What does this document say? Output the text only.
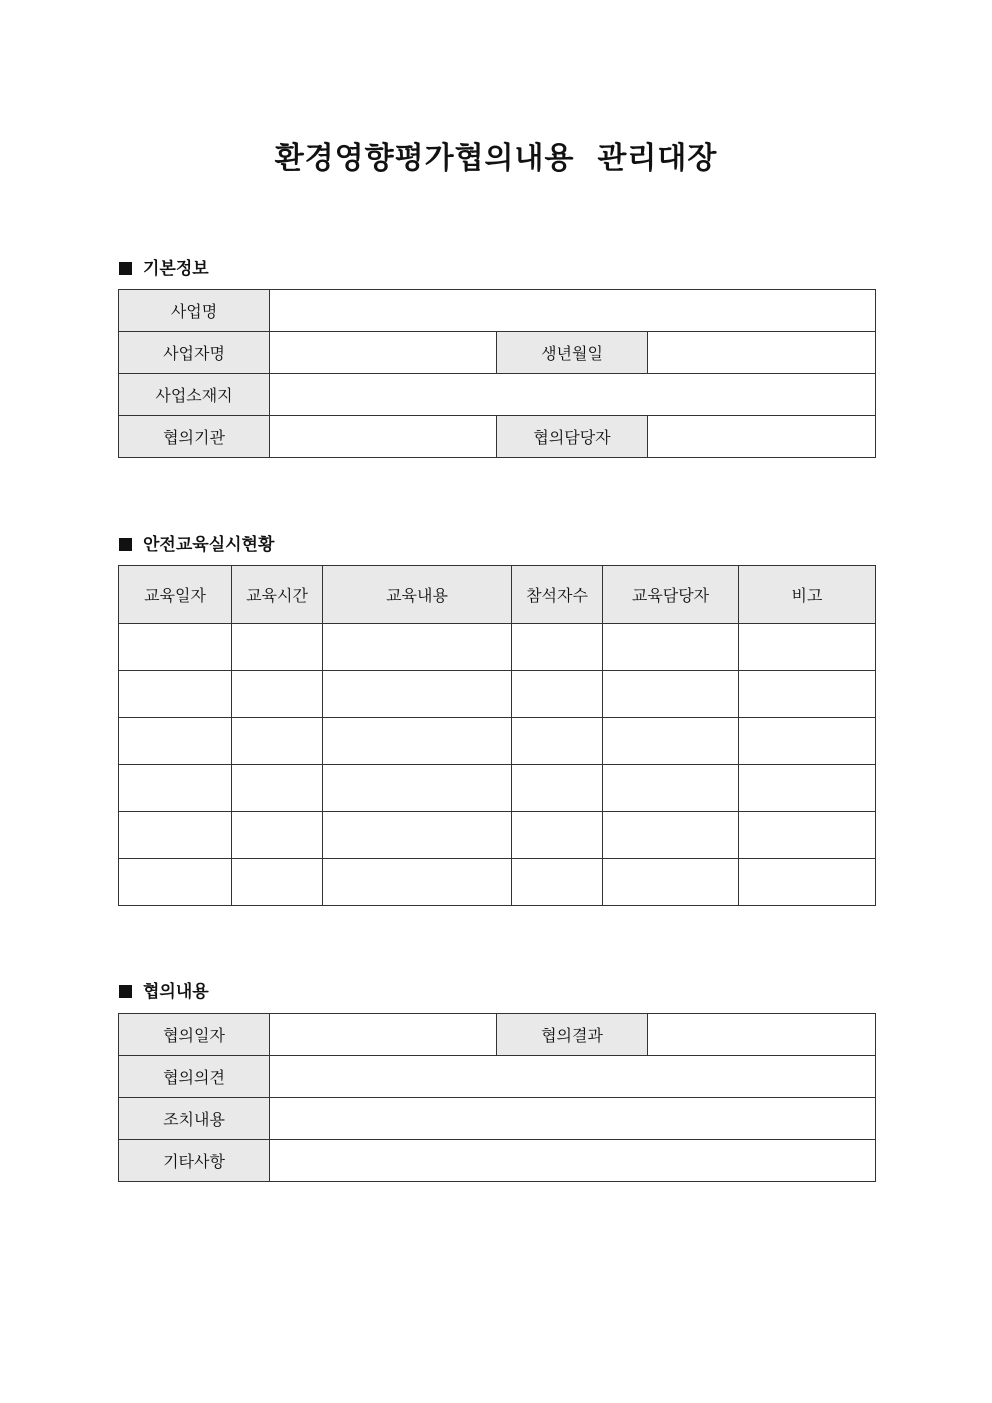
환경영향평가협의내용  관리대장
기본정보
사업명			
사업자명		생년월일	
사업소재지			
협의기관		협의담당자	
안전교육실시현황
교육일자	교육시간	교육내용	참석자수	교육담당자	비고

협의내용
협의일자		협의결과	
협의의견			
조치내용			
기타사항			
